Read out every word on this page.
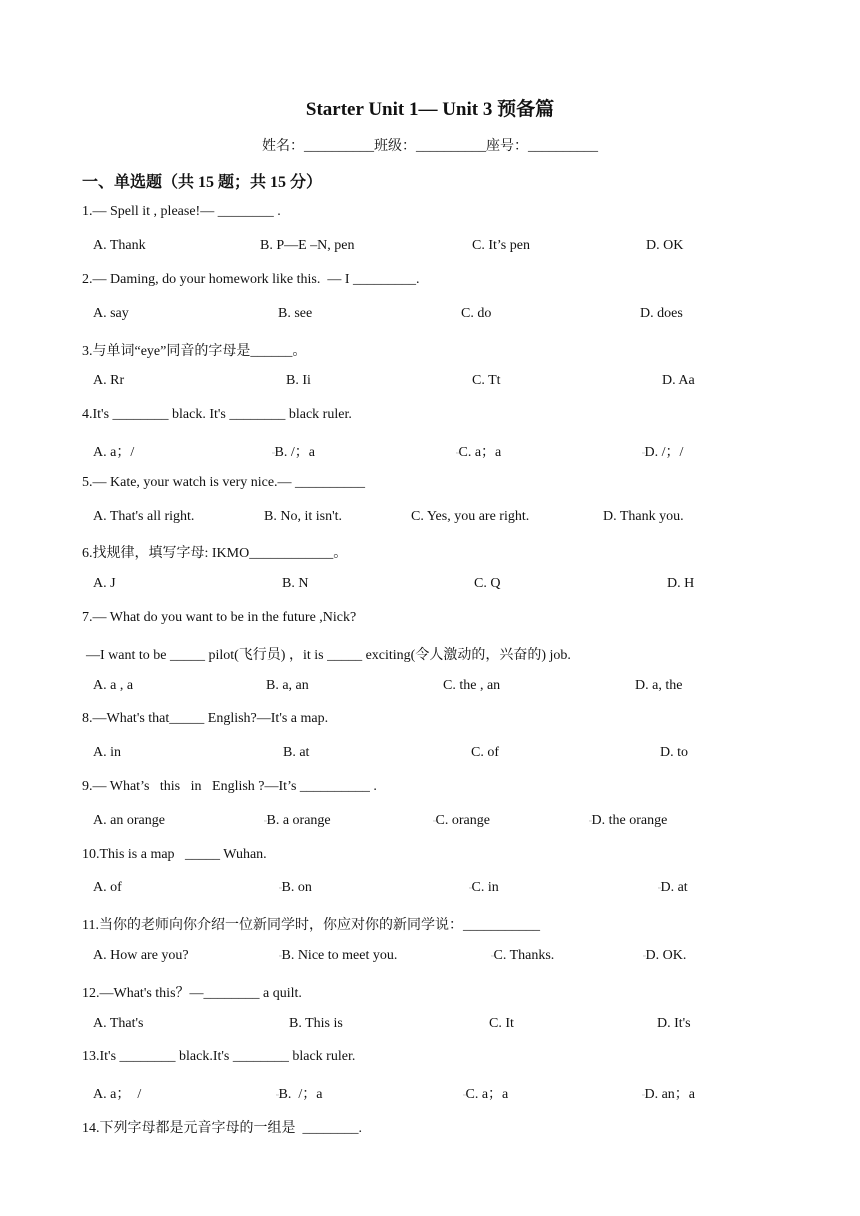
Starter Unit 1— Unit 3 预备篇
姓名：__________班级：__________座号：__________
一、单选题（共 15 题；共 15 分）
1.— Spell it , please!— ________ .
A. Thank	B. P—E –N, pen	C. It’s pen	D. OK
2.— Daming, do your homework like this.  — I _________.
A. say	B. see	C. do	D. does
3.与单词“eye”同音的字母是______。
A. Rr	B. Ii	C. Tt	D. Aa
4.It's ________ black. It's ________ black ruler.
A. a；/	▫B. /；a	▫C. a；a	▫D. /；/
5.— Kate, your watch is very nice.— __________
A. That's all right.	B. No, it isn't.	C. Yes, you are right.	D. Thank you.
6.找规律，填写字母: IKMO____________。
A. J	B. N	C. Q	D. H
7.— What do you want to be in the future ,Nick?
—I want to be _____ pilot(飞行员) ，it is _____ exciting(令人激动的，兴奋的) job.
A. a , a	B. a, an	C. the , an	D. a, the
8.—What's that_____ English?—It's a map.
A. in	B. at	C. of	D. to
9.— What’s   this   in   English ?—It’s __________ .
A. an orange	▫B. a orange	▫C. orange	▫D. the orange
10.This is a map   _____ Wuhan.
A. of	▫B. on	▫C. in	▫D. at
11.当你的老师向你介绍一位新同学时，你应对你的新同学说：___________
A. How are you?	▫B. Nice to meet you.	▫C. Thanks.	▫D. OK.
12.—What's this？—________ a quilt.
A. That's	B. This is	C. It	D. It's
13.It's ________ black.It's ________ black ruler.
A. a；  /	▫B.  /；a	▫C. a；a	▫D. an；a
14.下列字母都是元音字母的一组是  ________.
